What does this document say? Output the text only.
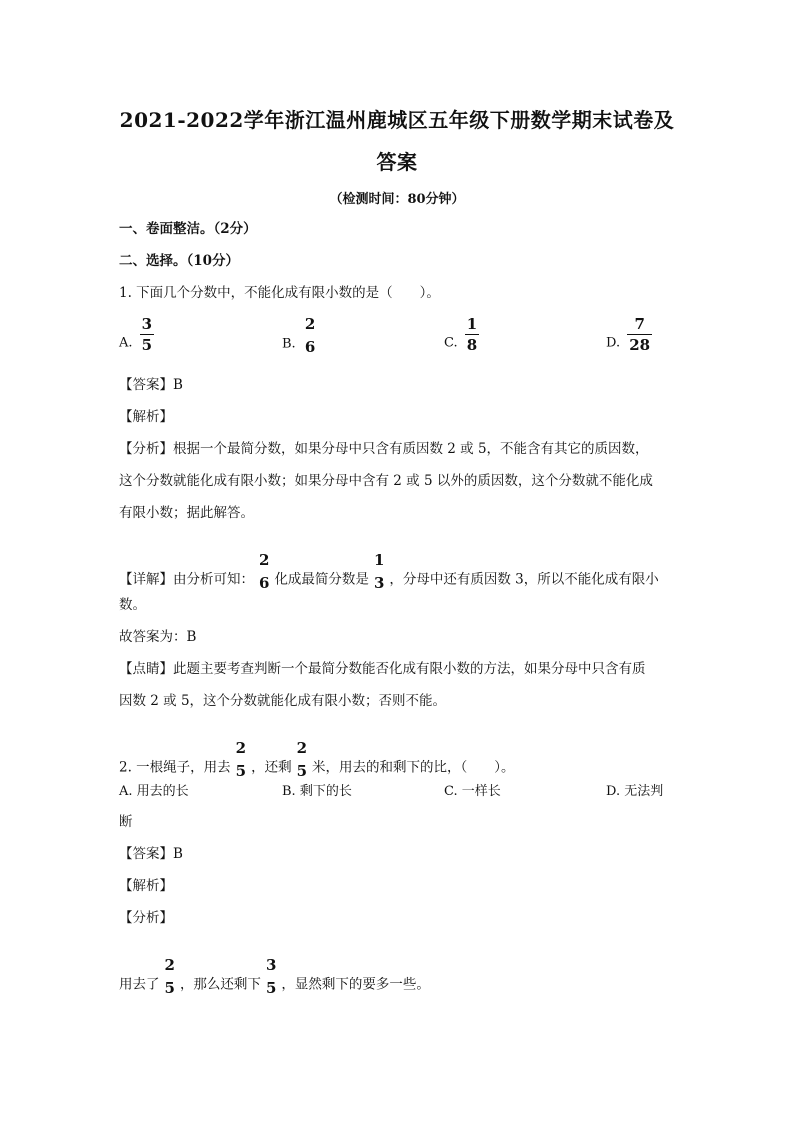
2021-2022学年浙江温州鹿城区五年级下册数学期末试卷及
答案
（检测时间：80分钟）
一、卷面整洁。（2分）
二、选择。（10分）
1. 下面几个分数中，不能化成有限小数的是（　　）。
A. $\frac{3}{5}$	B.
2
6	C. $\frac{1}{8}$	D. $\frac{7}{28}$
【答案】B
【解析】
【分析】根据一个最简分数，如果分母中只含有质因数 2 或 5，不能含有其它的质因数，
这个分数就能化成有限小数；如果分母中含有 2 或 5 以外的质因数，这个分数就不能化成
有限小数；据此解答。
【详解】由分析可知：
2
6 化成最简分数是
1
3 ，分母中还有质因数 3，所以不能化成有限小
数。
故答案为：B
【点睛】此题主要考查判断一个最简分数能否化成有限小数的方法，如果分母中只含有质
因数 2 或 5，这个分数就能化成有限小数；否则不能。
2. 一根绳子，用去
2
5 ，还剩
2
5 米，用去的和剩下的比，（　　）。
A. 用去的长	B. 剩下的长	C. 一样长	D. 无法判
断
【答案】B
【解析】
【分析】
用去了
2
5 ，那么还剩下
3
5 ，显然剩下的要多一些。
